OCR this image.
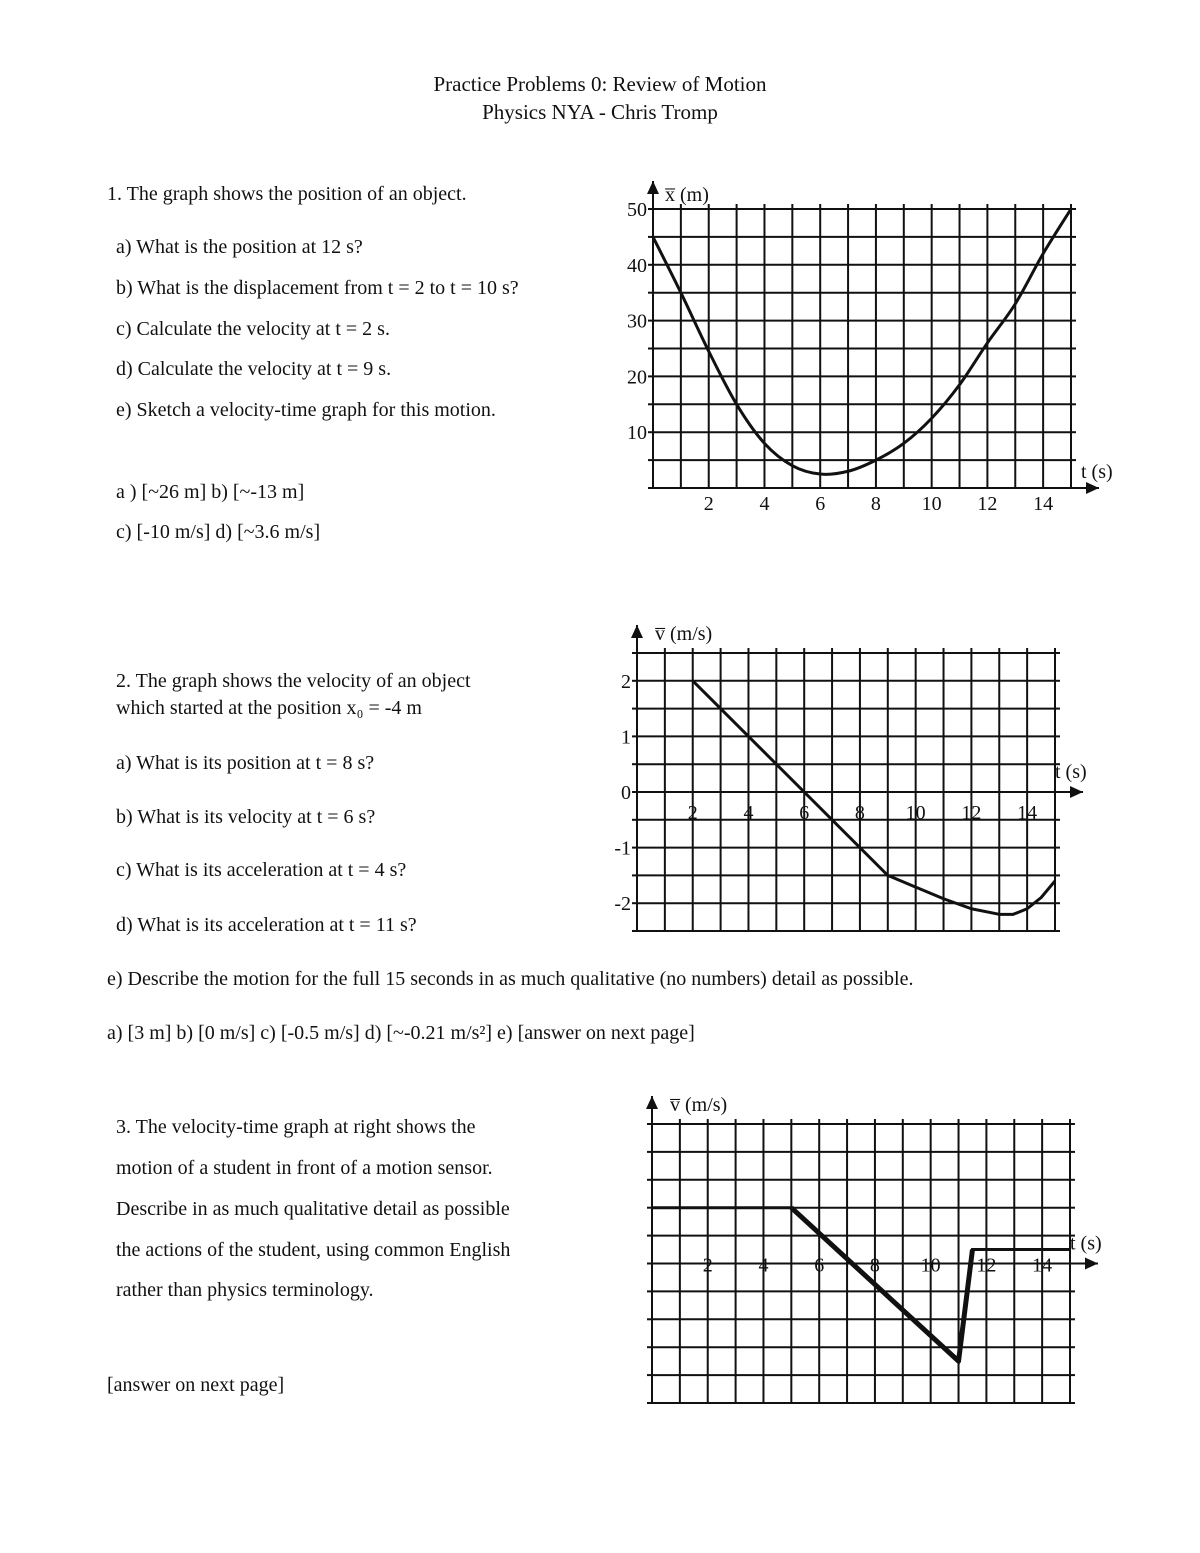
Practice Problems 0: Review of Motion
Physics NYA - Chris Tromp
1. The graph shows the position of an object.
a) What is the position at 12 s?
b) What is the displacement from t = 2 to t = 10 s?
c) Calculate the velocity at t = 2 s.
d) Calculate the velocity at t = 9 s.
e) Sketch a velocity-time graph for this motion.
a ) [~26 m] b) [~-13 m]
c) [-10 m/s] d) [~3.6 m/s]
2. The graph shows the velocity of an object
which started at the position x₀ = -4 m
a) What is its position at t = 8 s?
b) What is its velocity at t = 6 s?
c) What is its acceleration at t = 4 s?
d) What is its acceleration at t = 11 s?
e) Describe the motion for the full 15 seconds in as much qualitative (no numbers) detail as possible.
a) [3 m] b) [0 m/s] c) [-0.5 m/s] d) [~-0.21 m/s²] e) [answer on next page]
3. The velocity-time graph at right shows the
motion of a student in front of a motion sensor.
Describe in as much qualitative detail as possible
the actions of the student, using common English
rather than physics terminology.
[answer on next page]
2 4 6 8 10 12 14
10
20
30
40
50
x̅ (m)
t (s)
2 4 6 8 10 12 14
2
1
0
-1
-2
v̅ (m/s)
t (s)
2 4 6 8 10 12 14
v̅ (m/s)
t (s)
